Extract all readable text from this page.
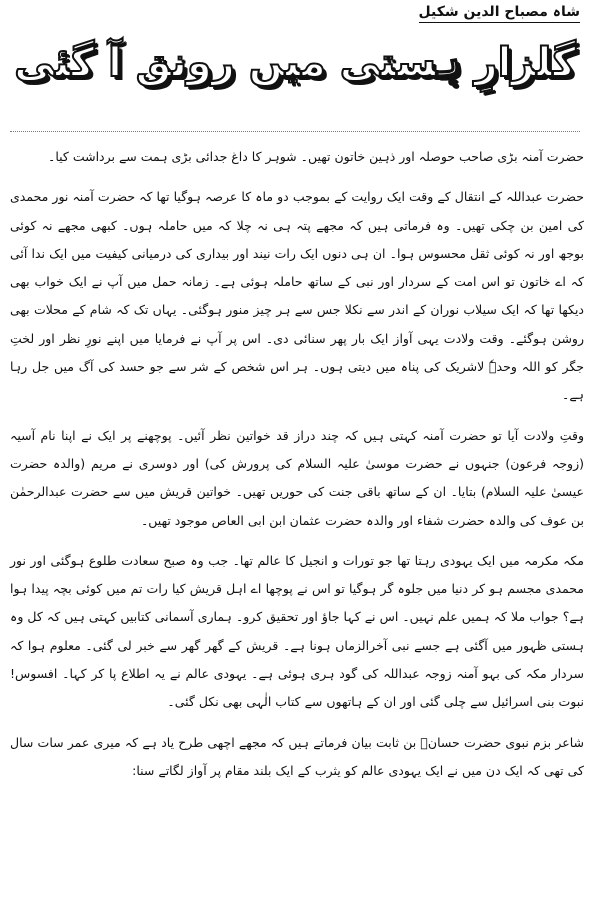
شاہ مصباح الدین شکیل
گلزارِ ہستی میں رونق آ گئی

حضرت آمنہ بڑی صاحب حوصلہ اور ذہین خاتون تھیں۔ شوہر کا داغ جدائی بڑی ہمت سے برداشت کیا۔

حضرت عبداللہ کے انتقال کے وقت ایک روایت کے بموجب دو ماہ کا عرصہ ہوگیا تھا کہ حضرت آمنہ نور محمدی کی امین بن چکی تھیں۔ وہ فرماتی ہیں کہ مجھے پتہ ہی نہ چلا کہ میں حاملہ ہوں۔ کبھی مجھے نہ کوئی بوجھ اور نہ کوئی ثقل محسوس ہوا۔ ان ہی دنوں ایک رات نیند اور بیداری کی درمیانی کیفیت میں ایک ندا آئی کہ اے خاتون تو اس امت کے سردار اور نبی کے ساتھ حاملہ ہوئی ہے۔ زمانہ حمل میں آپ نے ایک خواب بھی دیکھا تھا کہ ایک سیلاب نوران کے اندر سے نکلا جس سے ہر چیز منور ہوگئی۔ یہاں تک کہ شام کے محلات بھی روشن ہوگئے۔ وقت ولادت یہی آواز ایک بار پھر سنائی دی۔ اس پر آپ نے فرمایا میں اپنے نورِ نظر اور لختِ جگر کو اللہ وحدہٗ لاشریک کی پناہ میں دیتی ہوں۔ ہر اس شخص کے شر سے جو حسد کی آگ میں جل رہا ہے۔

وقتِ ولادت آیا تو حضرت آمنہ کہتی ہیں کہ چند دراز قد خواتین نظر آئیں۔ پوچھنے پر ایک نے اپنا نام آسیہ (زوجہ فرعون) جنہوں نے حضرت موسیٰ علیہ السلام کی پرورش کی) اور دوسری نے مریم (والدہ حضرت عیسیٰ علیہ السلام) بتایا۔ ان کے ساتھ باقی جنت کی حوریں تھیں۔ خواتین قریش میں سے حضرت عبدالرحمٰن بن عوف کی والدہ حضرت شفاء اور والدہ حضرت عثمان ابن ابی العاص موجود تھیں۔

مکہ مکرمہ میں ایک یہودی رہتا تھا جو تورات و انجیل کا عالم تھا۔ جب وہ صبح سعادت طلوع ہوگئی اور نور محمدی مجسم ہو کر دنیا میں جلوہ گر ہوگیا تو اس نے پوچھا اے اہل قریش کیا رات تم میں کوئی بچہ پیدا ہوا ہے؟ جواب ملا کہ ہمیں علم نہیں۔ اس نے کہا جاؤ اور تحقیق کرو۔ ہماری آسمانی کتابیں کہتی ہیں کہ کل وہ ہستی ظہور میں آگئی ہے جسے نبی آخرالزماں ہونا ہے۔ قریش کے گھر گھر سے خبر لی گئی۔ معلوم ہوا کہ سردار مکہ کی بہو آمنہ زوجہ عبداللہ کی گود ہری ہوئی ہے۔ یہودی عالم نے یہ اطلاع پا کر کہا۔ افسوس! نبوت بنی اسرائیل سے چلی گئی اور ان کے ہاتھوں سے کتاب الٰہی بھی نکل گئی۔

شاعر بزم نبوی حضرت حسانؓ بن ثابت بیان فرماتے ہیں کہ مجھے اچھی طرح یاد ہے کہ میری عمر سات سال کی تھی کہ ایک دن میں نے ایک یہودی عالم کو یثرب کے ایک بلند مقام پر آواز لگاتے سنا:
